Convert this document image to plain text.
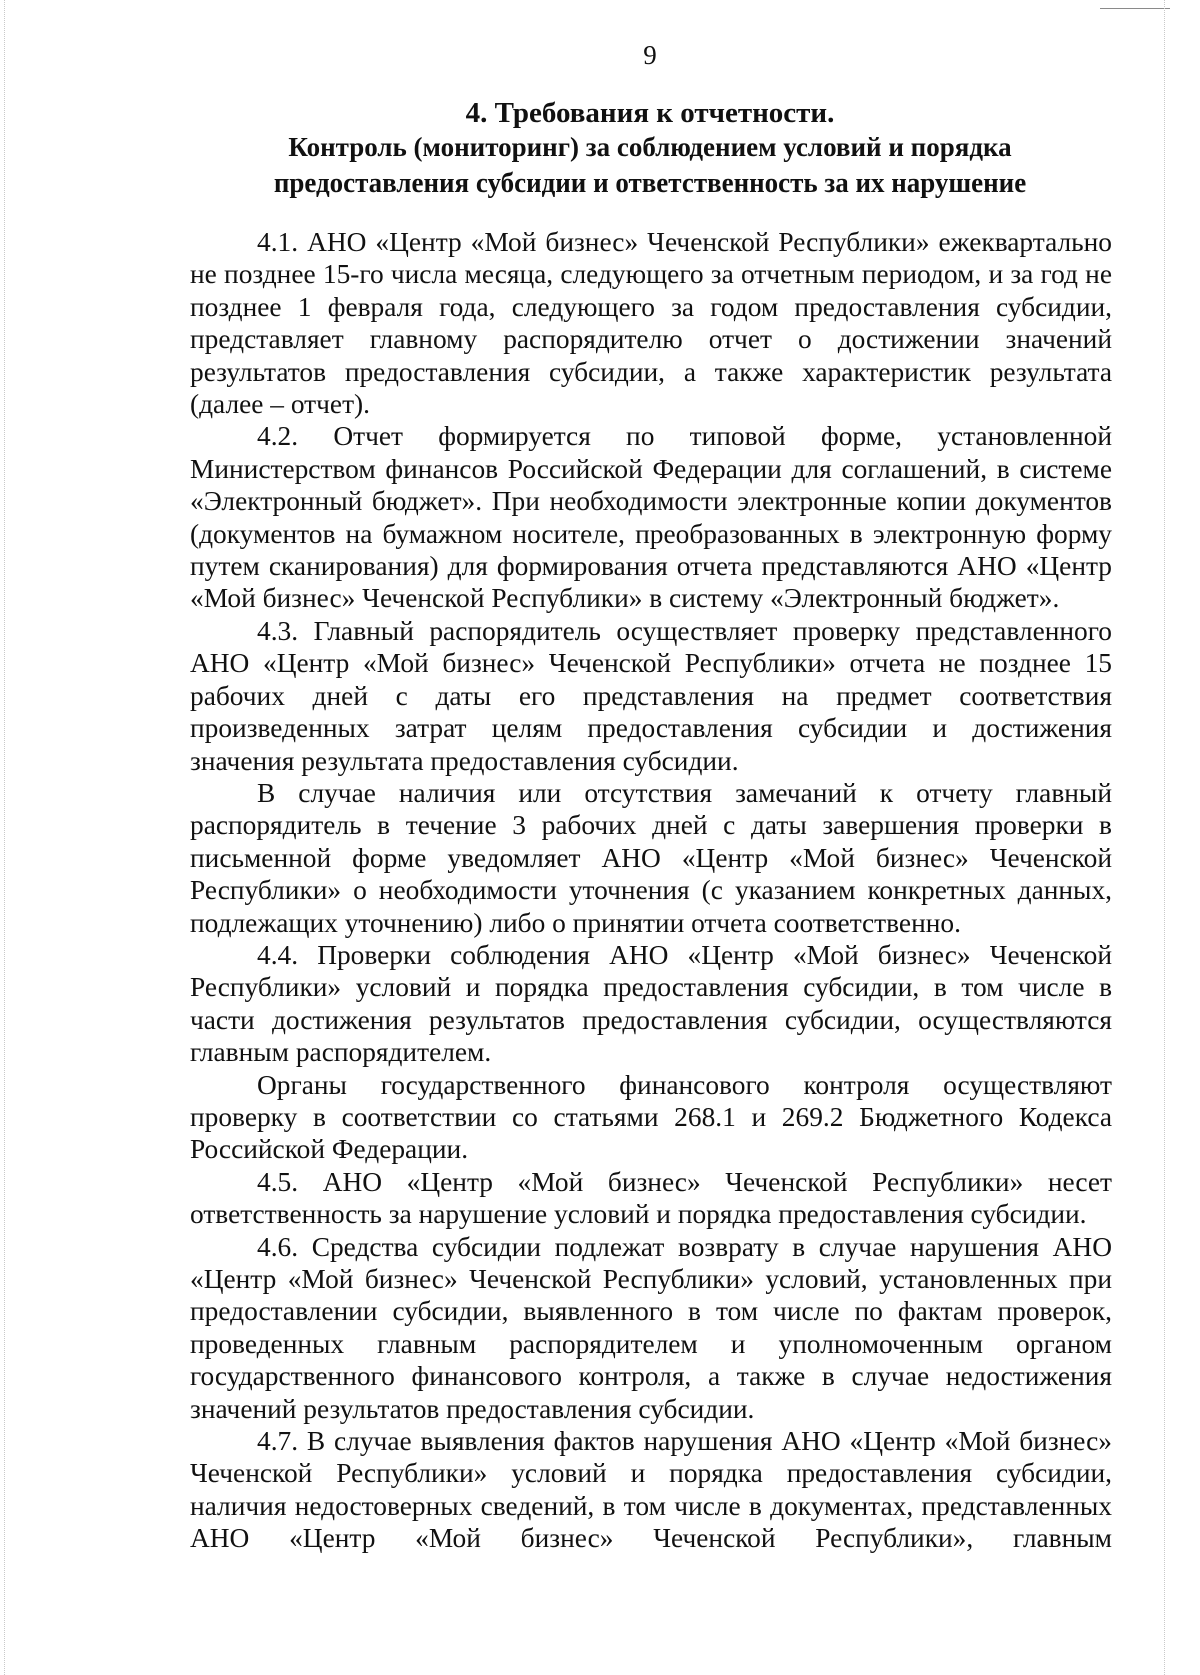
9
4. Требования к отчетности.
Контроль (мониторинг) за соблюдением условий и порядка
предоставления субсидии и ответственность за их нарушение

4.1. АНО «Центр «Мой бизнес» Чеченской Республики» ежеквартально не позднее 15-го числа месяца, следующего за отчетным периодом, и за год не позднее 1 февраля года, следующего за годом предоставления субсидии, представляет главному распорядителю отчет о достижении значений результатов предоставления субсидии, а также характеристик результата (далее – отчет).

4.2. Отчет формируется по типовой форме, установленной Министерством финансов Российской Федерации для соглашений, в системе «Электронный бюджет». При необходимости электронные копии документов (документов на бумажном носителе, преобразованных в электронную форму путем сканирования) для формирования отчета представляются АНО «Центр «Мой бизнес» Чеченской Республики» в систему «Электронный бюджет».

4.3. Главный распорядитель осуществляет проверку представленного АНО «Центр «Мой бизнес» Чеченской Республики» отчета не позднее 15 рабочих дней с даты его представления на предмет соответствия произведенных затрат целям предоставления субсидии и достижения значения результата предоставления субсидии.

В случае наличия или отсутствия замечаний к отчету главный распорядитель в течение 3 рабочих дней с даты завершения проверки в письменной форме уведомляет АНО «Центр «Мой бизнес» Чеченской Республики» о необходимости уточнения (с указанием конкретных данных, подлежащих уточнению) либо о принятии отчета соответственно.

4.4. Проверки соблюдения АНО «Центр «Мой бизнес» Чеченской Республики» условий и порядка предоставления субсидии, в том числе в части достижения результатов предоставления субсидии, осуществляются главным распорядителем.

Органы государственного финансового контроля осуществляют проверку в соответствии со статьями 268.1 и 269.2 Бюджетного Кодекса Российской Федерации.

4.5. АНО «Центр «Мой бизнес» Чеченской Республики» несет ответственность за нарушение условий и порядка предоставления субсидии.

4.6. Средства субсидии подлежат возврату в случае нарушения АНО «Центр «Мой бизнес» Чеченской Республики» условий, установленных при предоставлении субсидии, выявленного в том числе по фактам проверок, проведенных главным распорядителем и уполномоченным органом государственного финансового контроля, а также в случае недостижения значений результатов предоставления субсидии.

4.7. В случае выявления фактов нарушения АНО «Центр «Мой бизнес» Чеченской Республики» условий и порядка предоставления субсидии, наличия недостоверных сведений, в том числе в документах, представленных АНО «Центр «Мой бизнес» Чеченской Республики», главным
